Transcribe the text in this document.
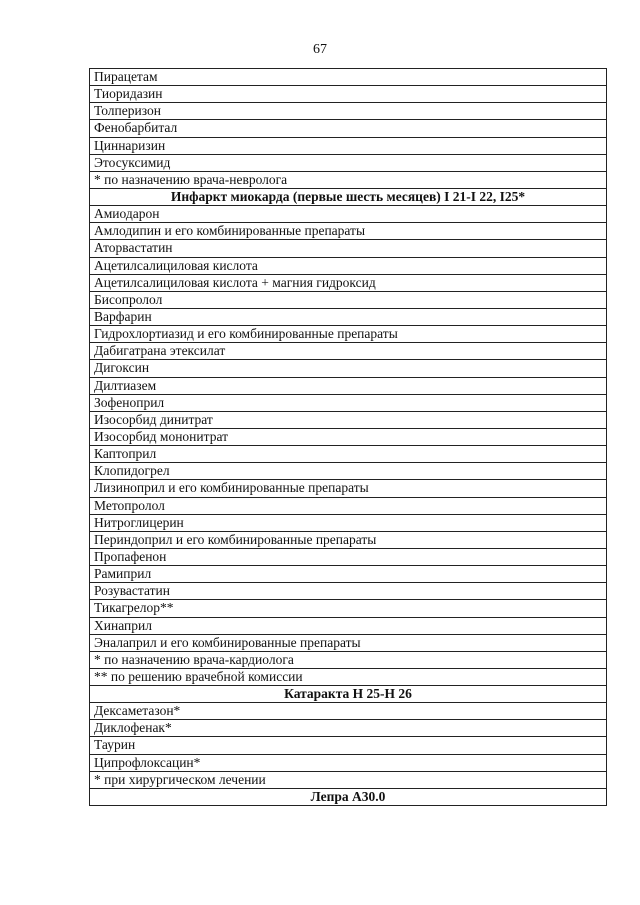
67
Пирацетам
Тиоридазин
Толперизон
Фенобарбитал
Циннаризин
Этосуксимид
* по назначению врача-невролога
Инфаркт миокарда (первые шесть месяцев) I 21-I 22, I25*
Амиодарон
Амлодипин и его комбинированные препараты
Аторвастатин
Ацетилсалициловая кислота
Ацетилсалициловая кислота + магния гидроксид
Бисопролол
Варфарин
Гидрохлортиазид и его комбинированные препараты
Дабигатрана этексилат
Дигоксин
Дилтиазем
Зофеноприл
Изосорбид динитрат
Изосорбид мононитрат
Каптоприл
Клопидогрел
Лизиноприл и его комбинированные препараты
Метопролол
Нитроглицерин
Периндоприл и его комбинированные препараты
Пропафенон
Рамиприл
Розувастатин
Тикагрелор**
Хинаприл
Эналаприл и его комбинированные препараты
* по назначению врача-кардиолога
** по решению врачебной комиссии
Катаракта Н 25-Н 26
Дексаметазон*
Диклофенак*
Таурин
Ципрофлоксацин*
* при хирургическом лечении
Лепра А30.0
